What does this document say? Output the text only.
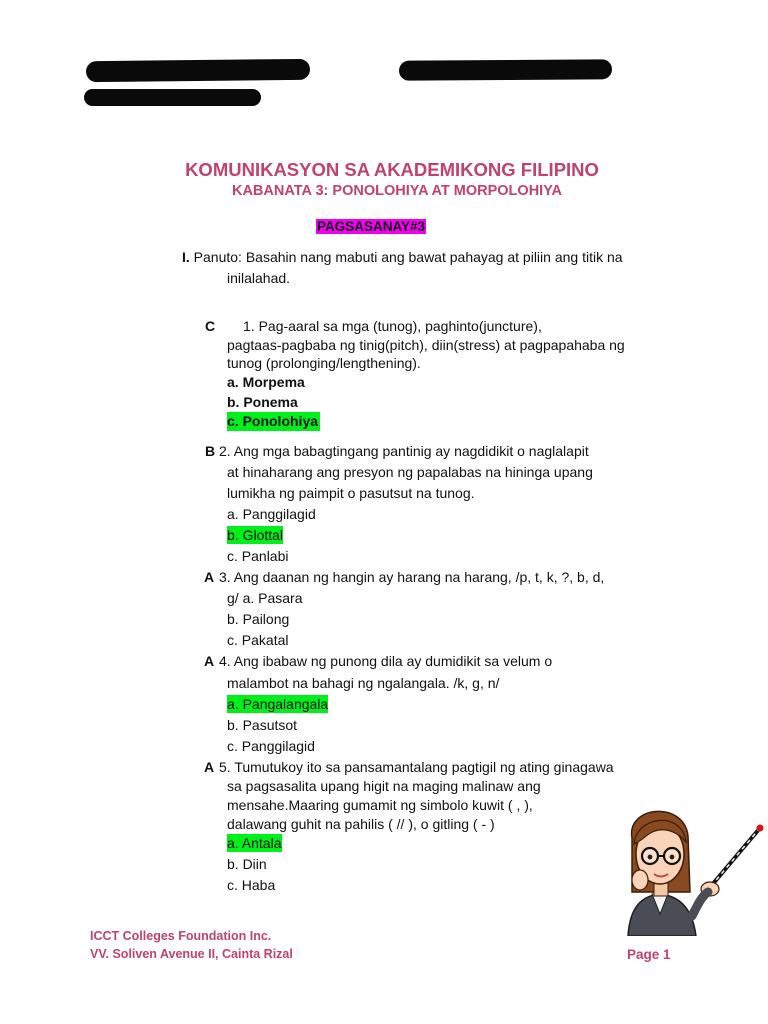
KOMUNIKASYON SA AKADEMIKONG FILIPINO
KABANATA 3: PONOLOHIYA AT MORPOLOHIYA
PAGSASANAY#3
I. Panuto: Basahin nang mabuti ang bawat pahayag at piliin ang titik na
inilalahad.
C 1. Pag-aaral sa mga (tunog), paghinto(juncture),
pagtaas-pagbaba ng tinig(pitch), diin(stress) at pagpapahaba ng
tunog (prolonging/lengthening).
a. Morpema
b. Ponema
c. Ponolohiya
B 2. Ang mga babagtingang pantinig ay nagdidikit o naglalapit
at hinaharang ang presyon ng papalabas na hininga upang
lumikha ng paimpit o pasutsut na tunog.
a. Panggilagid
b. Glottal
c. Panlabi
A 3. Ang daanan ng hangin ay harang na harang, /p, t, k, ?, b, d,
g/ a. Pasara
b. Pailong
c. Pakatal
A 4. Ang ibabaw ng punong dila ay dumidikit sa velum o
malambot na bahagi ng ngalangala. /k, g, n/
a. Pangalangala
b. Pasutsot
c. Panggilagid
A 5. Tumutukoy ito sa pansamantalang pagtigil ng ating ginagawa
sa pagsasalita upang higit na maging malinaw ang
mensahe.Maaring gumamit ng simbolo kuwit ( , ),
dalawang guhit na pahilis ( // ), o gitling ( - )
a. Antala
b. Diin
c. Haba
ICCT Colleges Foundation Inc.
VV. Soliven Avenue II, Cainta Rizal	Page 1
